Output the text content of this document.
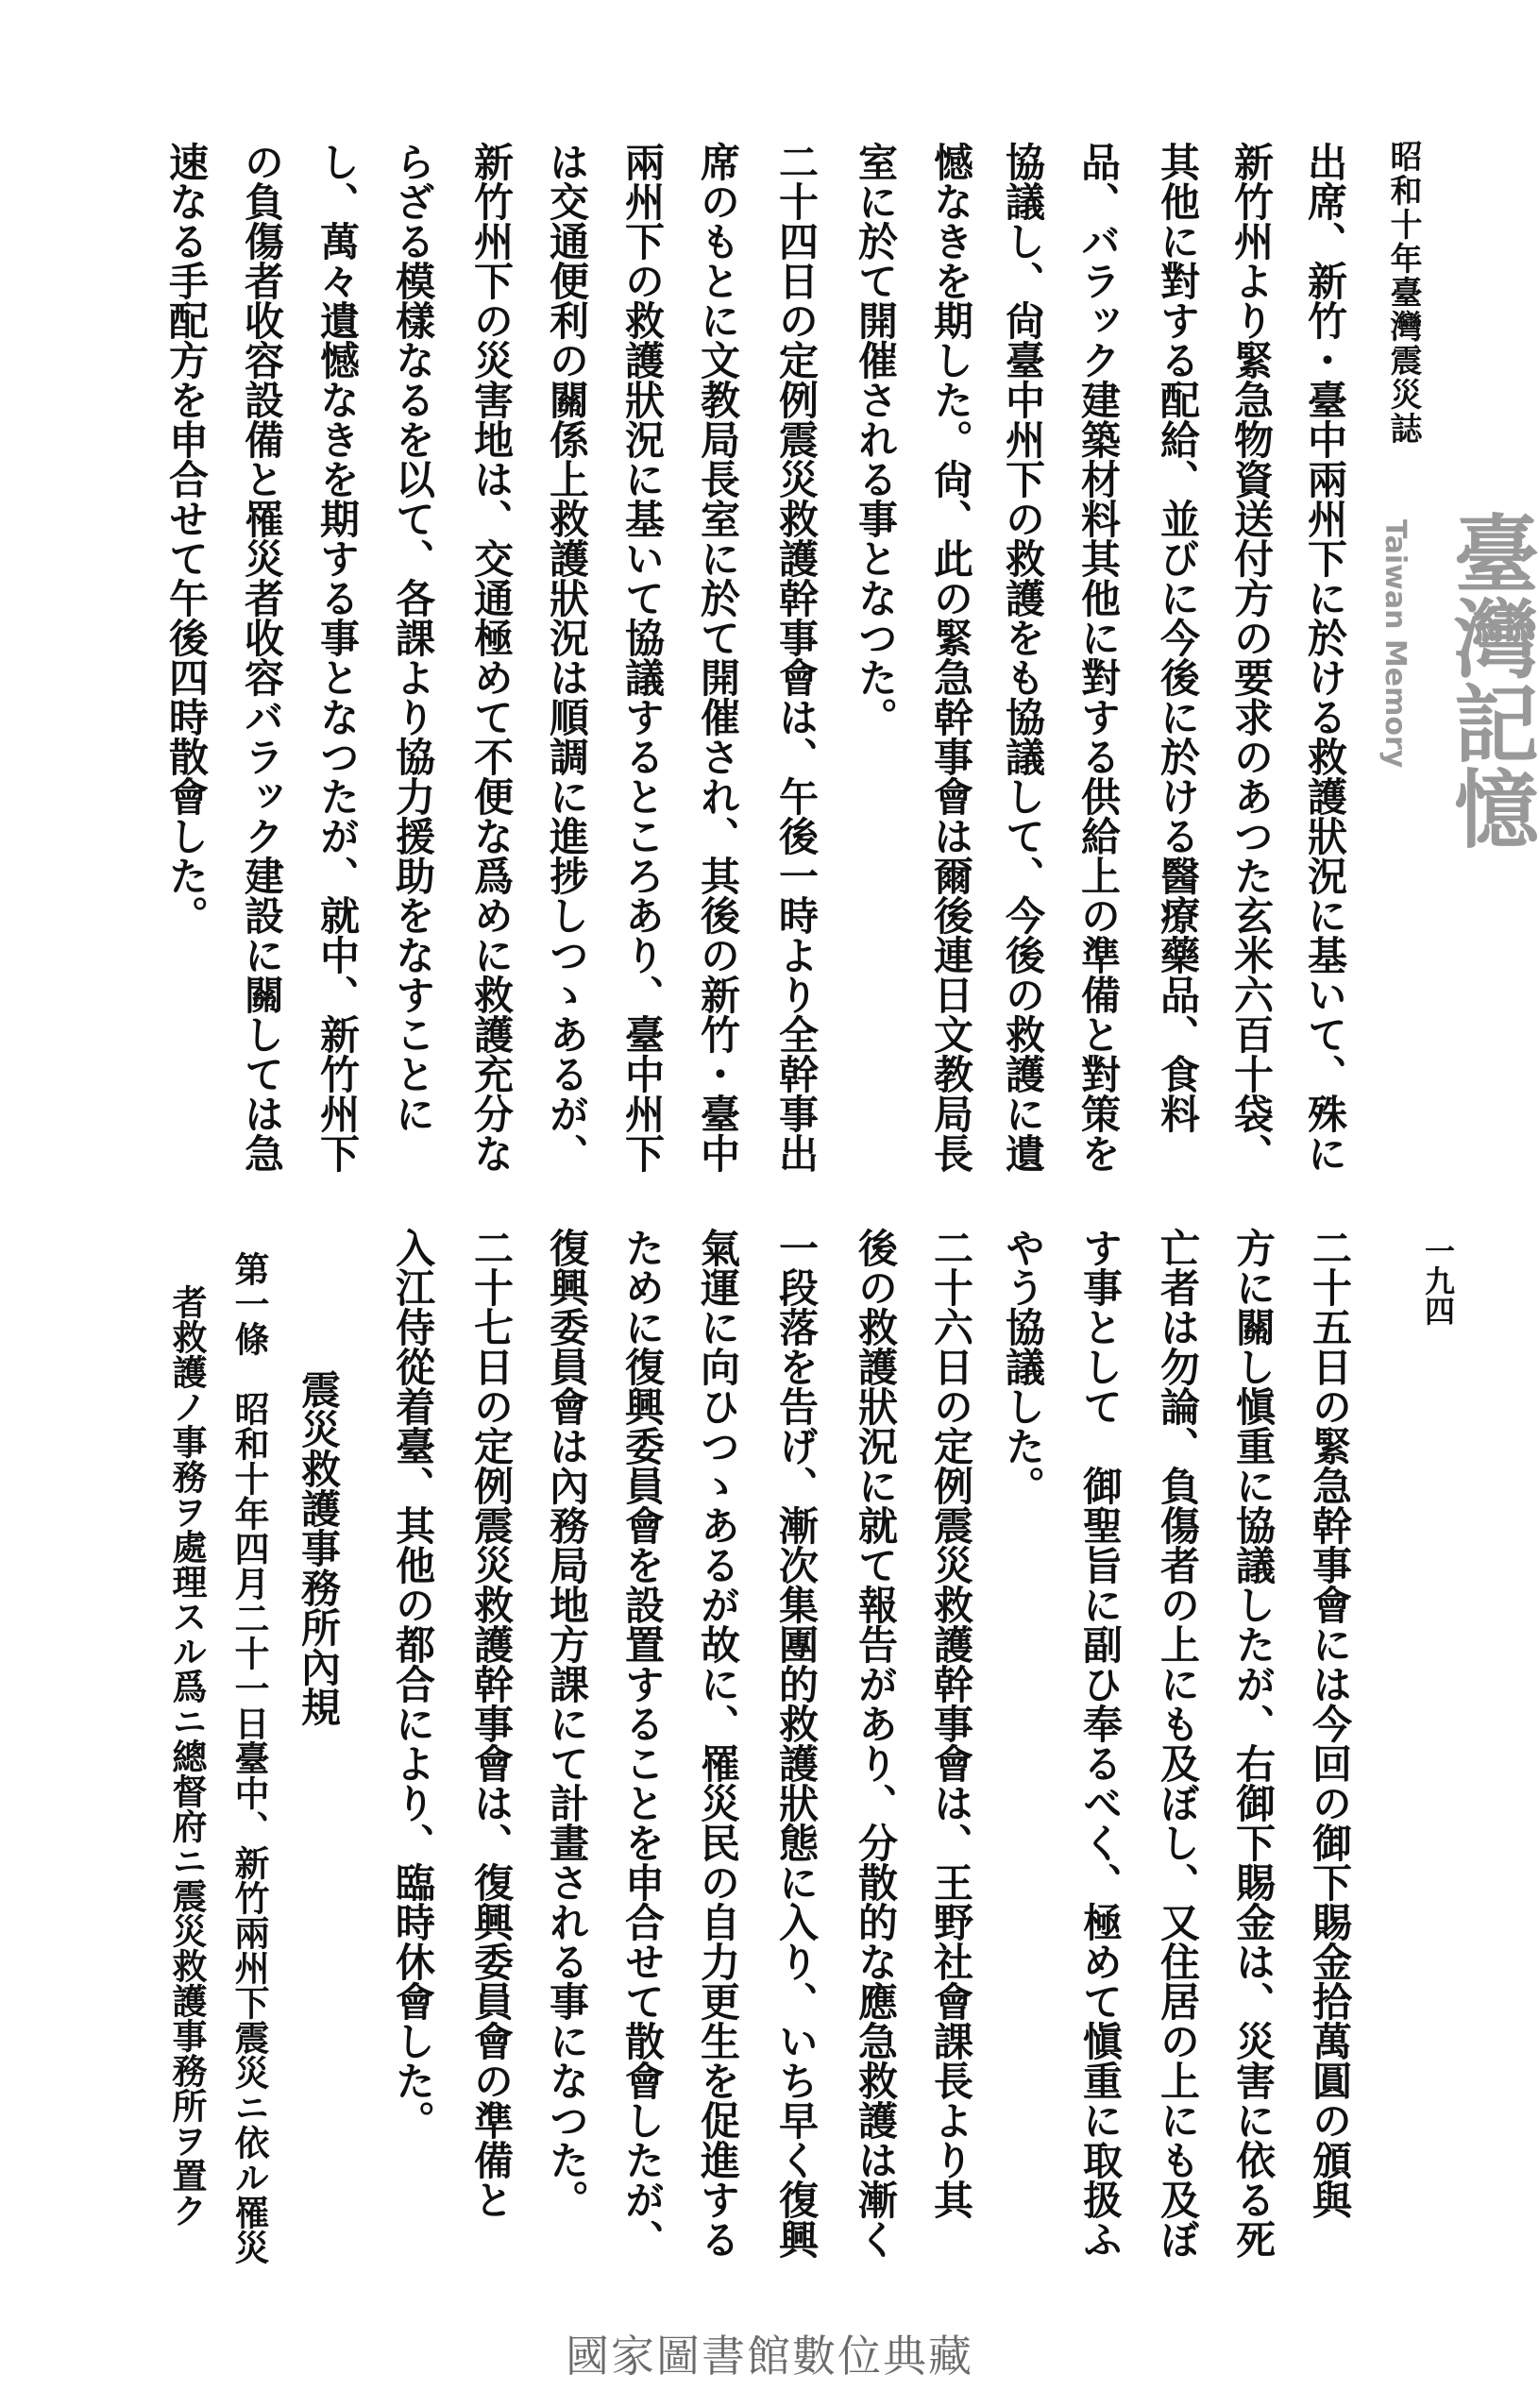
昭和十年臺灣震災誌
一九四
出席、新竹・臺中兩州下に於ける救護狀況に基いて、殊に
新竹州より緊急物資送付方の要求のあつた玄米六百十袋、
其他に對する配給、並びに今後に於ける醫療藥品、食料
品、バラック建築材料其他に對する供給上の準備と對策を
協議し、尙臺中州下の救護をも協議して、今後の救護に遺
憾なきを期した。尙、此の緊急幹事會は爾後連日文教局長
室に於て開催される事となつた。
二十四日の定例震災救護幹事會は、午後一時より全幹事出
席のもとに文教局長室に於て開催され、其後の新竹・臺中
兩州下の救護狀況に基いて協議するところあり、臺中州下
は交通便利の關係上救護狀況は順調に進捗しつゝあるが、
新竹州下の災害地は、交通極めて不便な爲めに救護充分な
らざる模樣なるを以て、各課より協力援助をなすことに
し、萬々遺憾なきを期する事となつたが、就中、新竹州下
の負傷者收容設備と罹災者收容バラック建設に關しては急
速なる手配方を申合せて午後四時散會した。
二十五日の緊急幹事會には今回の御下賜金拾萬圓の頒與
方に關し愼重に協議したが、右御下賜金は、災害に依る死
亡者は勿論、負傷者の上にも及ぼし、又住居の上にも及ぼ
す事として　御聖旨に副ひ奉るべく、極めて愼重に取扱ふ
やう協議した。
二十六日の定例震災救護幹事會は、王野社會課長より其
後の救護狀況に就て報告があり、分散的な應急救護は漸く
一段落を告げ、漸次集團的救護狀態に入り、いち早く復興
氣運に向ひつゝあるが故に、罹災民の自力更生を促進する
ために復興委員會を設置することを申合せて散會したが、
復興委員會は內務局地方課にて計畫される事になつた。
二十七日の定例震災救護幹事會は、復興委員會の準備と
入江侍從着臺、其他の都合により、臨時休會した。
震災救護事務所內規
第一條　昭和十年四月二十一日臺中、新竹兩州下震災ニ依ル罹災
者救護ノ事務ヲ處理スル爲ニ總督府ニ震災救護事務所ヲ置ク
臺灣記憶
Taiwan Memory
國家圖書館數位典藏
